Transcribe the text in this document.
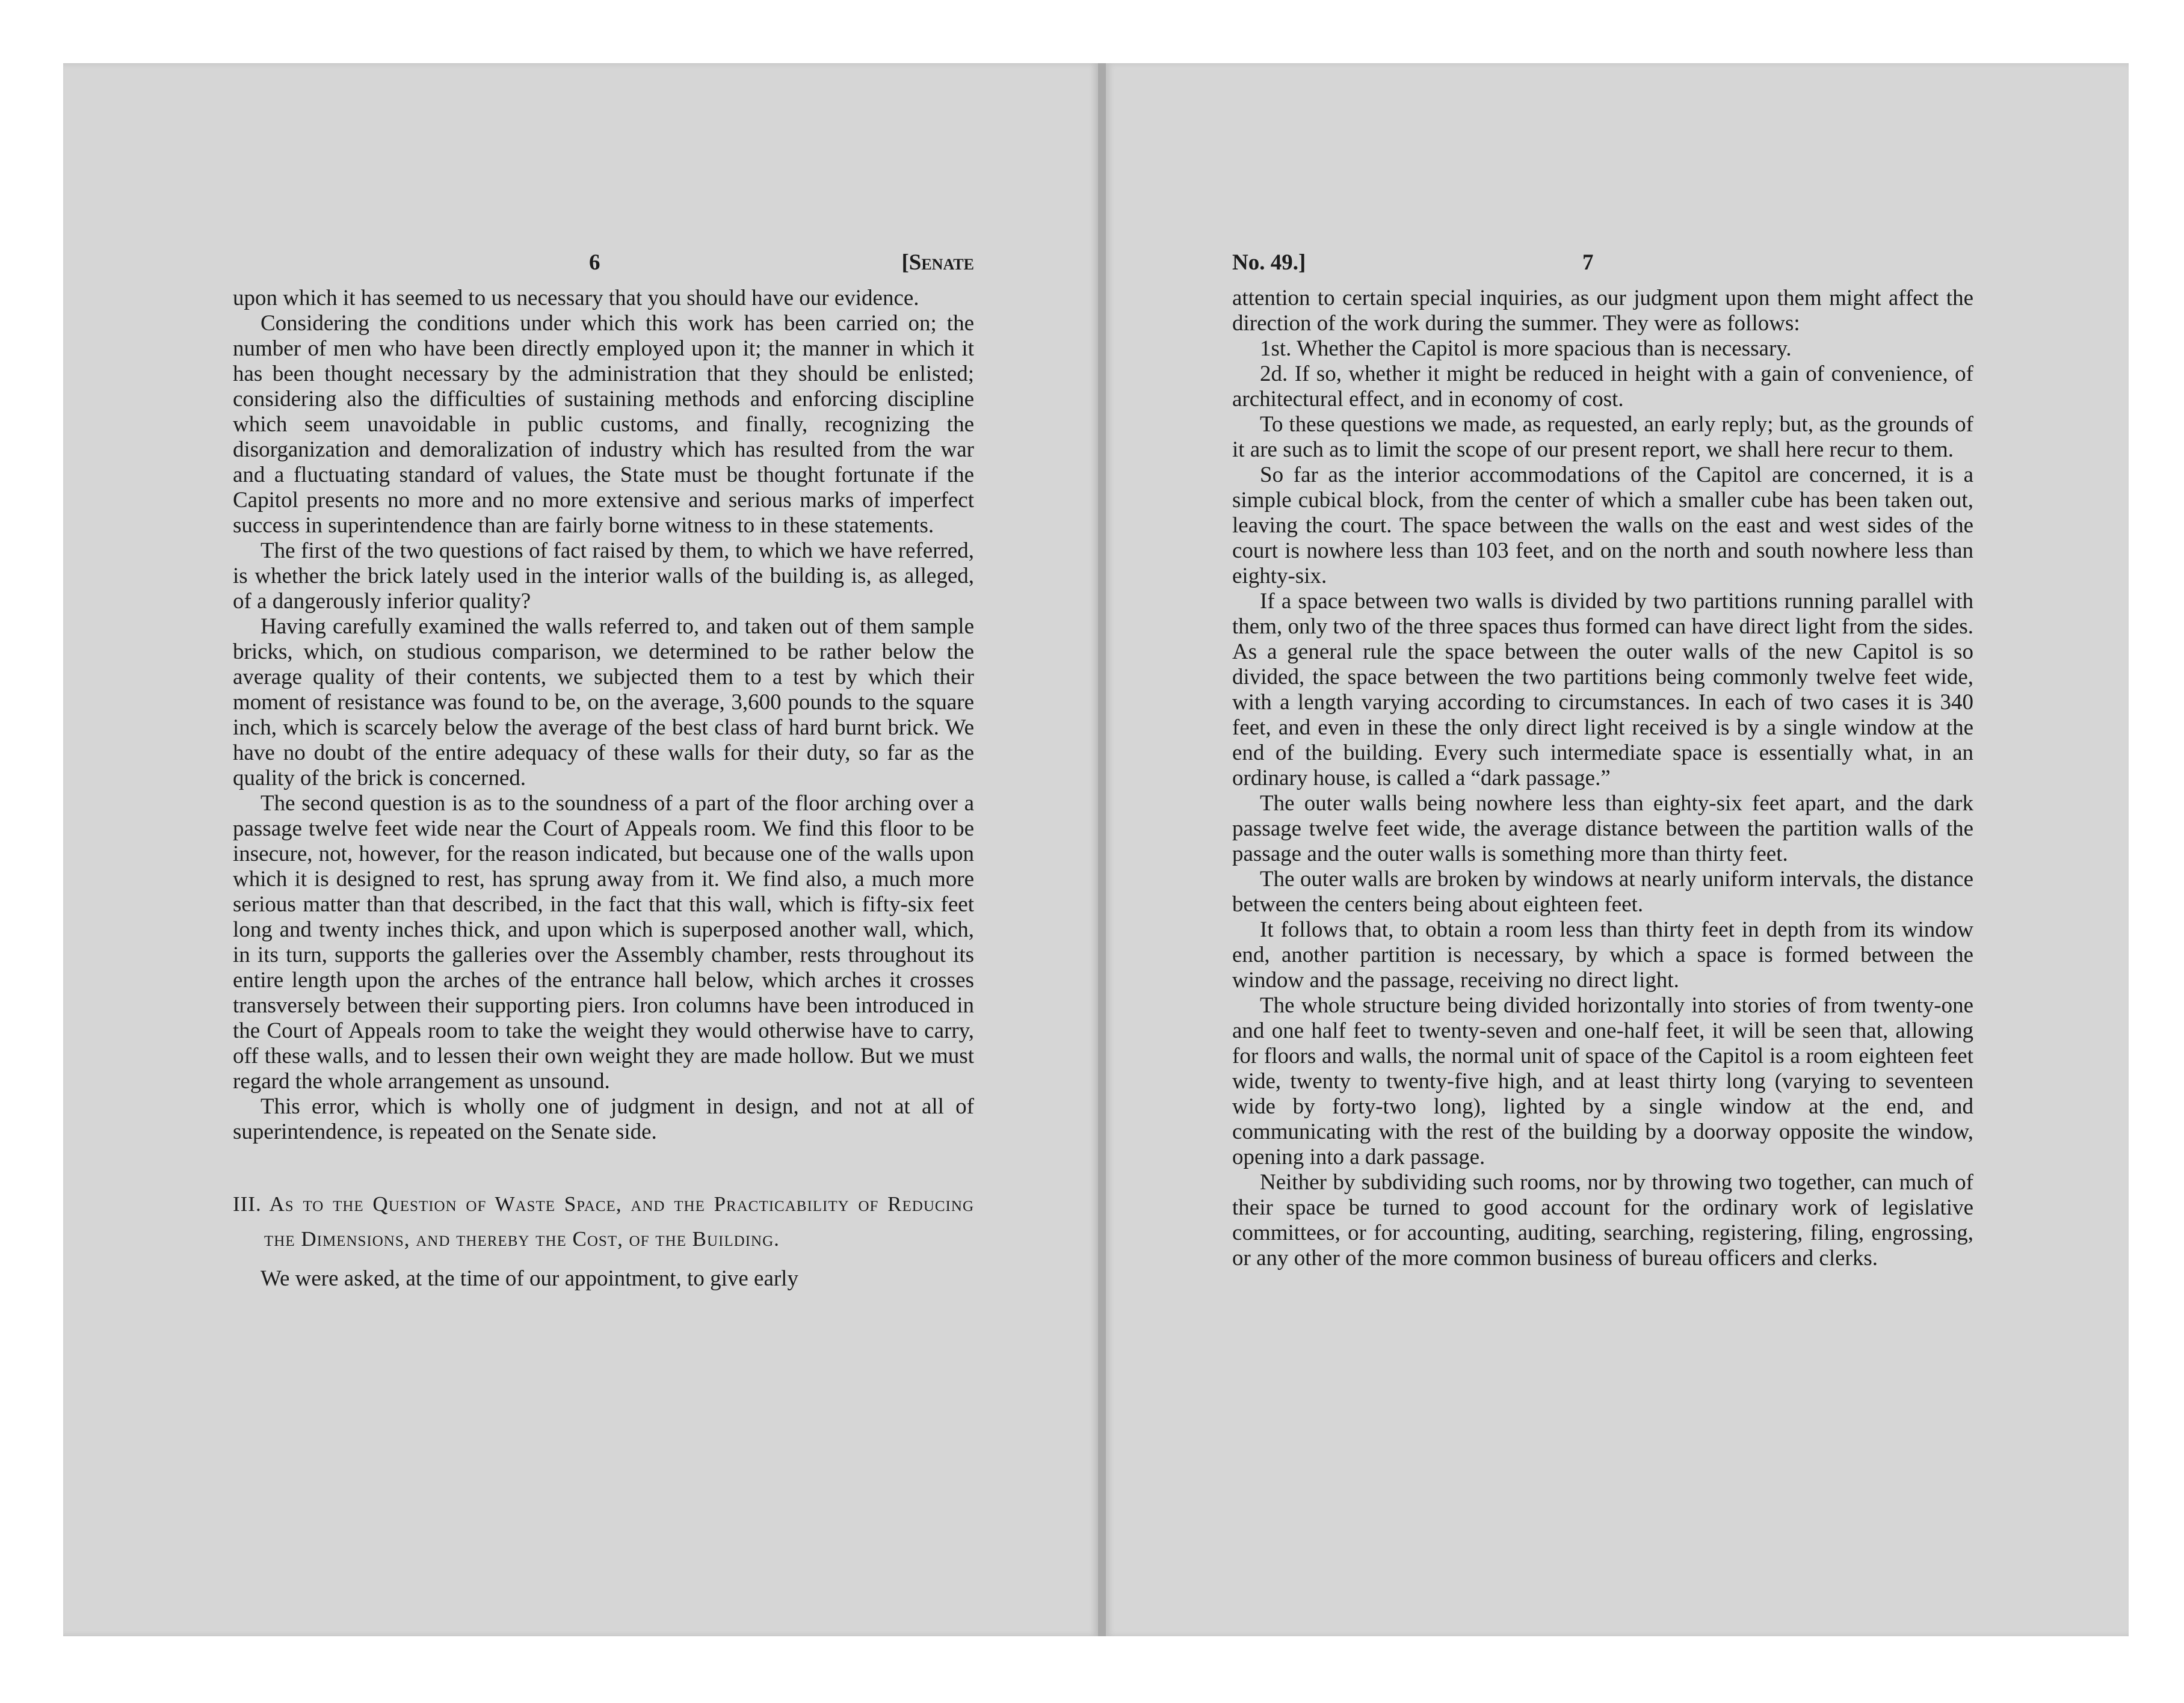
6	[Senate

upon which it has seemed to us necessary that you should have our evidence.

Considering the conditions under which this work has been carried on; the number of men who have been directly employed upon it; the manner in which it has been thought necessary by the administration that they should be enlisted; considering also the difficulties of sustaining methods and enforcing discipline which seem unavoidable in public customs, and finally, recognizing the disorganization and demoralization of industry which has resulted from the war and a fluctuating standard of values, the State must be thought fortunate if the Capitol presents no more and no more extensive and serious marks of imperfect success in superintendence than are fairly borne witness to in these statements.

The first of the two questions of fact raised by them, to which we have referred, is whether the brick lately used in the interior walls of the building is, as alleged, of a dangerously inferior quality?

Having carefully examined the walls referred to, and taken out of them sample bricks, which, on studious comparison, we determined to be rather below the average quality of their contents, we subjected them to a test by which their moment of resistance was found to be, on the average, 3,600 pounds to the square inch, which is scarcely below the average of the best class of hard burnt brick. We have no doubt of the entire adequacy of these walls for their duty, so far as the quality of the brick is concerned.

The second question is as to the soundness of a part of the floor arching over a passage twelve feet wide near the Court of Appeals room. We find this floor to be insecure, not, however, for the reason indicated, but because one of the walls upon which it is designed to rest, has sprung away from it. We find also, a much more serious matter than that described, in the fact that this wall, which is fifty-six feet long and twenty inches thick, and upon which is superposed another wall, which, in its turn, supports the galleries over the Assembly chamber, rests throughout its entire length upon the arches of the entrance hall below, which arches it crosses transversely between their supporting piers. Iron columns have been introduced in the Court of Appeals room to take the weight they would otherwise have to carry, off these walls, and to lessen their own weight they are made hollow. But we must regard the whole arrangement as unsound.

This error, which is wholly one of judgment in design, and not at all of superintendence, is repeated on the Senate side.

III. As to the Question of Waste Space, and the Practicability of Reducing the Dimensions, and thereby the Cost, of the Building.

We were asked, at the time of our appointment, to give early

No. 49.]	7

attention to certain special inquiries, as our judgment upon them might affect the direction of the work during the summer. They were as follows:

1st. Whether the Capitol is more spacious than is necessary.

2d. If so, whether it might be reduced in height with a gain of convenience, of architectural effect, and in economy of cost.

To these questions we made, as requested, an early reply; but, as the grounds of it are such as to limit the scope of our present report, we shall here recur to them.

So far as the interior accommodations of the Capitol are concerned, it is a simple cubical block, from the center of which a smaller cube has been taken out, leaving the court. The space between the walls on the east and west sides of the court is nowhere less than 103 feet, and on the north and south nowhere less than eighty-six.

If a space between two walls is divided by two partitions running parallel with them, only two of the three spaces thus formed can have direct light from the sides. As a general rule the space between the outer walls of the new Capitol is so divided, the space between the two partitions being commonly twelve feet wide, with a length varying according to circumstances. In each of two cases it is 340 feet, and even in these the only direct light received is by a single window at the end of the building. Every such intermediate space is essentially what, in an ordinary house, is called a “dark passage.”

The outer walls being nowhere less than eighty-six feet apart, and the dark passage twelve feet wide, the average distance between the partition walls of the passage and the outer walls is something more than thirty feet.

The outer walls are broken by windows at nearly uniform intervals, the distance between the centers being about eighteen feet.

It follows that, to obtain a room less than thirty feet in depth from its window end, another partition is necessary, by which a space is formed between the window and the passage, receiving no direct light.

The whole structure being divided horizontally into stories of from twenty-one and one half feet to twenty-seven and one-half feet, it will be seen that, allowing for floors and walls, the normal unit of space of the Capitol is a room eighteen feet wide, twenty to twenty-five high, and at least thirty long (varying to seventeen wide by forty-two long), lighted by a single window at the end, and communicating with the rest of the building by a doorway opposite the window, opening into a dark passage.

Neither by subdividing such rooms, nor by throwing two together, can much of their space be turned to good account for the ordinary work of legislative committees, or for accounting, auditing, searching, registering, filing, engrossing, or any other of the more common business of bureau officers and clerks.
